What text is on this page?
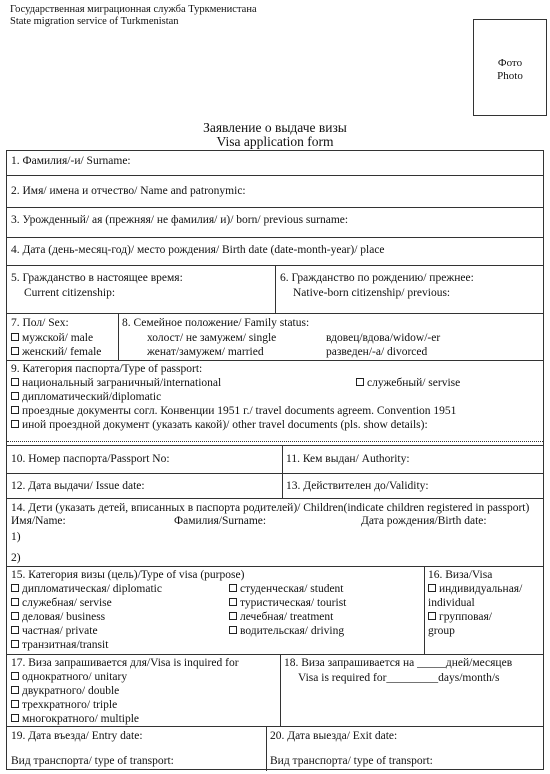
Государственная миграционная служба Туркменистана
State migration service of Turkmenistan
Фото
Photo
Заявление о выдаче визы
Visa application form
1. Фамилия/-и/ Surname:
2. Имя/ имена и отчество/ Name and patronymic:
3. Урожденный/ ая (прежняя/ не фамилия/ и)/ born/ previous surname:
4. Дата (день-месяц-год)/ место рождения/ Birth date (date-month-year)/ place
5. Гражданство в настоящее время:
Current citizenship:
6. Гражданство по рождению/ прежнее:
Native-born citizenship/ previous:
7. Пол/ Sex:
мужской/ male
женский/ female
8. Семейное положение/ Family status:
холост/ не замужем/ single	вдовец/вдова/widow/-er
женат/замужем/ married	разведен/-а/ divorced
9. Категория паспорта/Type of passport:
национальный заграничный/international	служебный/ servise
дипломатический/diplomatic
проездные документы согл. Конвенции 1951 г./ travel documents agreem. Convention 1951
иной проездной документ (указать какой)/ other travel documents (pls. show details):
10. Номер паспорта/Passport No:	11. Кем выдан/ Authority:
12. Дата выдачи/ Issue date:	13. Действителен до/Validity:
14. Дети (указать детей, вписанных в паспорта родителей)/ Children(indicate children registered in passport)
Имя/Name:	Фамилия/Surname:	Дата рождения/Birth date:
1)
2)
15. Категория визы (цель)/Type of visa (purpose)
дипломатическая/ diplomatic
служебная/ servise
деловая/ business
частная/ private
транзитная/transit
студенческая/ student
туристическая/ tourist
лечебная/ treatment
водительская/ driving
16. Виза/Visa
индивидуальная/
individual
групповая/
group
17. Виза запрашивается для/Visa is inquired for
однократного/ unitary
двукратного/ double
трехкратного/ triple
многократного/ multiple
18. Виза запрашивается на _____дней/месяцев
Visa is required for_________days/month/s
19. Дата въезда/ Entry date:
Вид транспорта/ type of transport:
20. Дата выезда/ Exit date:
Вид транспорта/ type of transport:
